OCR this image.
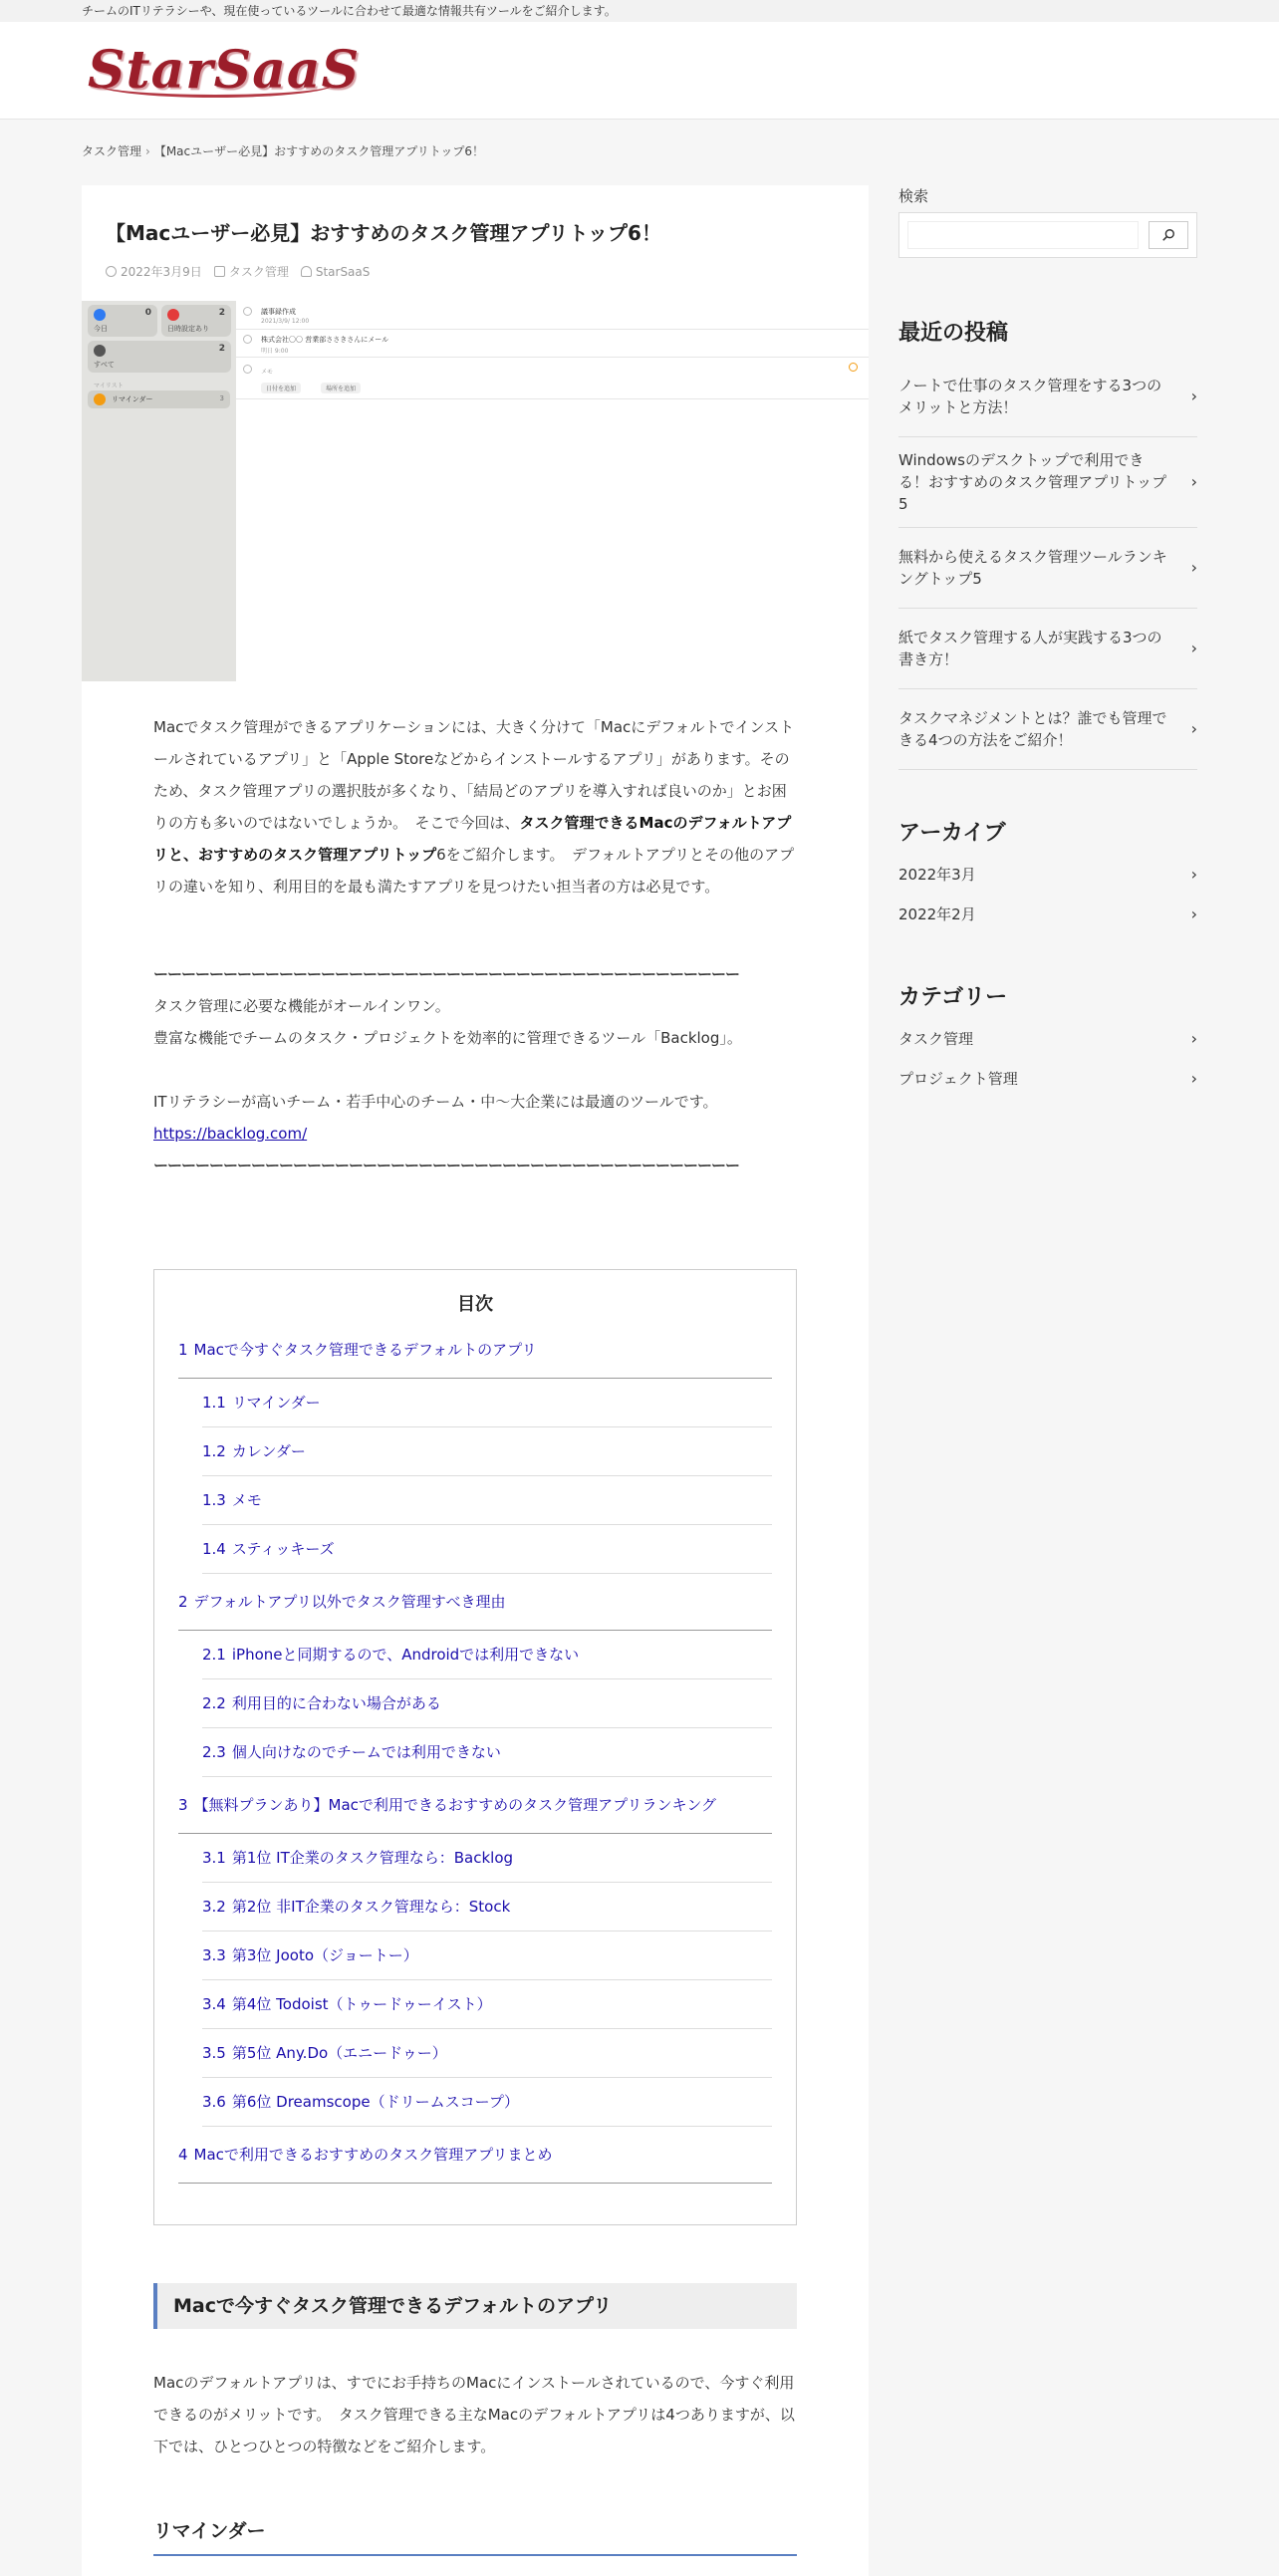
チームのITリテラシーや、現在使っているツールに合わせて最適な情報共有ツールをご紹介します。
StarSaaS
タスク管理 › 【Macユーザー必見】おすすめのタスク管理アプリトップ6！
【Macユーザー必見】おすすめのタスク管理アプリトップ6！
2022年3月9日 タスク管理 StarSaaS
0
今日
2
日時設定あり
2
すべて
マイリスト
リマインダー	3
議事録作成
2021/3/9/ 12:00
株式会社〇〇 営業部ささきさんにメール
明日 9:00
メモ
日付を追加	場所を追加

Macでタスク管理ができるアプリケーションには、大きく分けて「Macにデフォルトでインストールされているアプリ」と「Apple Storeなどからインストールするアプリ」があります。そのため、タスク管理アプリの選択肢が多くなり、「結局どのアプリを導入すれば良いのか」とお困りの方も多いのではないでしょうか。　そこで今回は、タスク管理できるMacのデフォルトアプリと、おすすめのタスク管理アプリトップ6をご紹介します。　デフォルトアプリとその他のアプリの違いを知り、利用目的を最も満たすアプリを見つけたい担当者の方は必見です。

ーーーーーーーーーーーーーーーーーーーーーーーーーーーーーーーーーーーーーーーーーー
タスク管理に必要な機能がオールインワン。
豊富な機能でチームのタスク・プロジェクトを効率的に管理できるツール「Backlog」。
ITリテラシーが高いチーム・若手中心のチーム・中〜大企業には最適のツールです。
https://backlog.com/
ーーーーーーーーーーーーーーーーーーーーーーーーーーーーーーーーーーーーーーーーーー
目次
1 Macで今すぐタスク管理できるデフォルトのアプリ
1.1 リマインダー
1.2 カレンダー
1.3 メモ
1.4 スティッキーズ
2 デフォルトアプリ以外でタスク管理すべき理由
2.1 iPhoneと同期するので、Androidでは利用できない
2.2 利用目的に合わない場合がある
2.3 個人向けなのでチームでは利用できない
3 【無料プランあり】Macで利用できるおすすめのタスク管理アプリランキング
3.1 第1位 IT企業のタスク管理なら：Backlog
3.2 第2位 非IT企業のタスク管理なら：Stock
3.3 第3位 Jooto（ジョートー）
3.4 第4位 Todoist（トゥードゥーイスト）
3.5 第5位 Any.Do（エニードゥー）
3.6 第6位 Dreamscope（ドリームスコープ）
4 Macで利用できるおすすめのタスク管理アプリまとめ
Macで今すぐタスク管理できるデフォルトのアプリ

Macのデフォルトアプリは、すでにお手持ちのMacにインストールされているので、今すぐ利用できるのがメリットです。　タスク管理できる主なMacのデフォルトアプリは4つありますが、以下では、ひとつひとつの特徴などをご紹介します。

リマインダー
検索
最近の投稿
ノートで仕事のタスク管理をする3つのメリットと方法！
›
Windowsのデスクトップで利用できる！おすすめのタスク管理アプリトップ5
›
無料から使えるタスク管理ツールランキングトップ5
›
紙でタスク管理する人が実践する3つの書き方！
›
タスクマネジメントとは？誰でも管理できる4つの方法をご紹介！
›
アーカイブ
2022年3月	›
2022年2月	›
カテゴリー
タスク管理	›
プロジェクト管理	›
